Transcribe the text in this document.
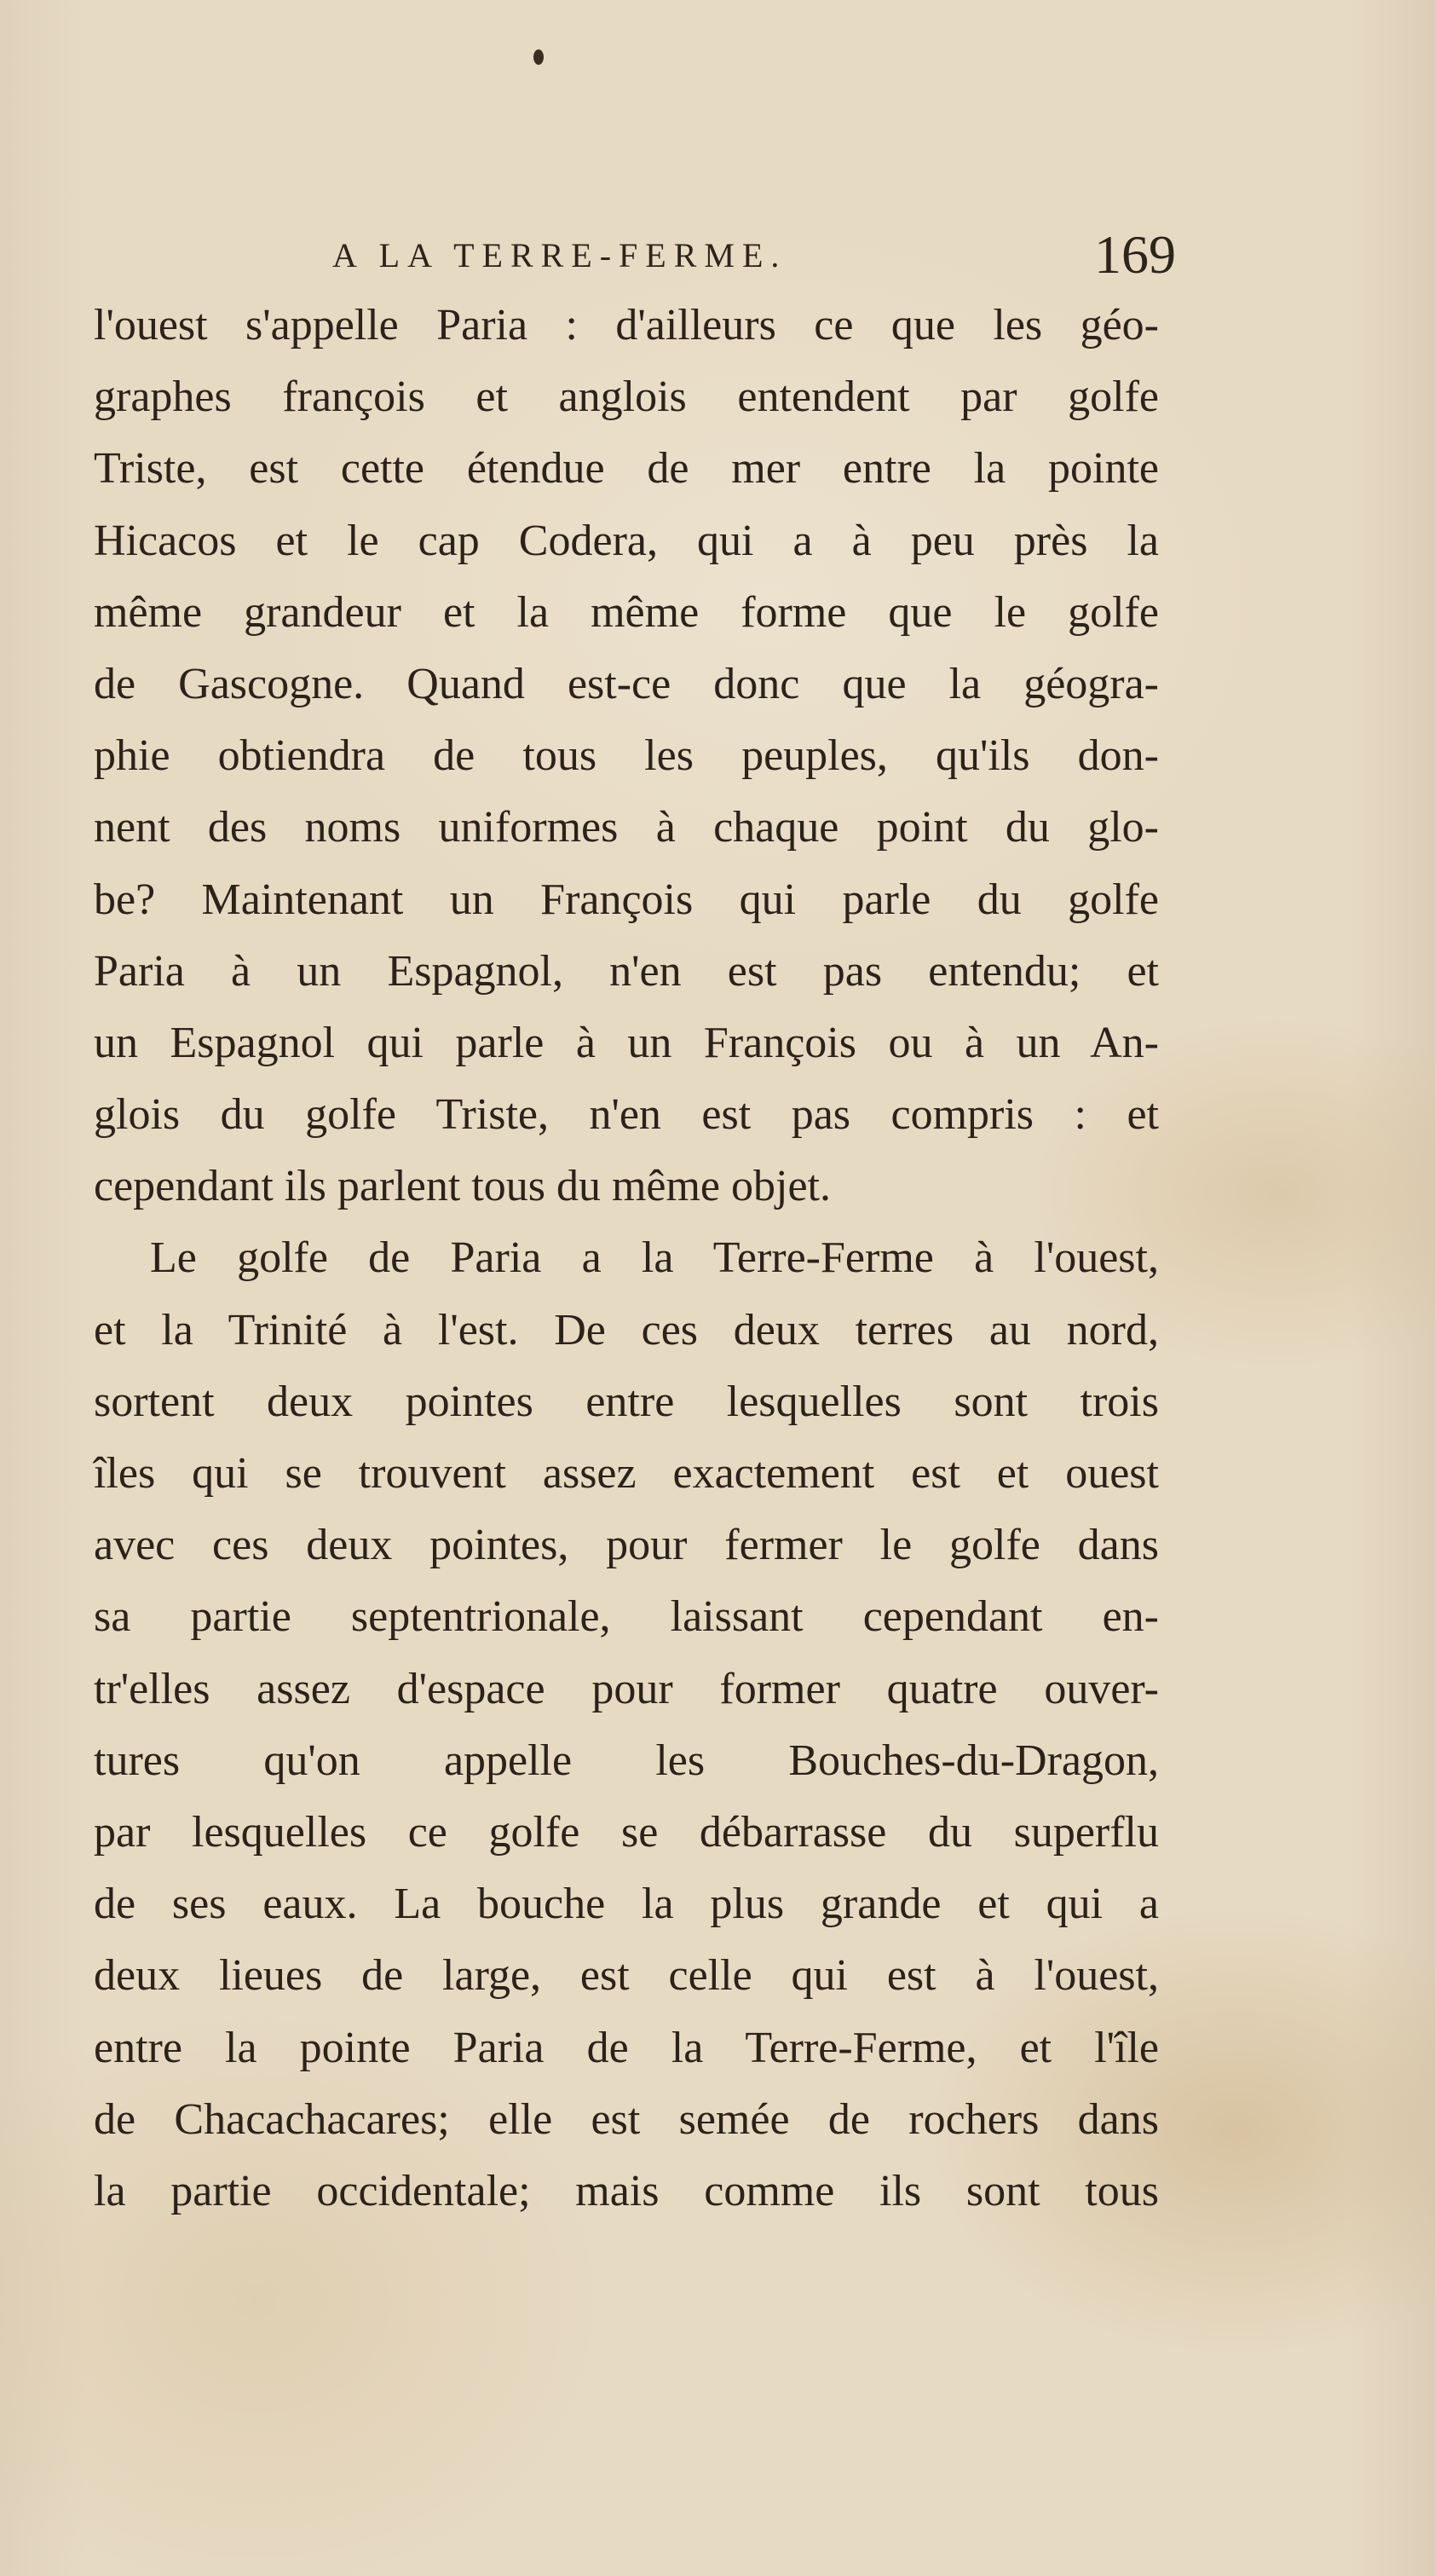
A LA TERRE-FERME.	169
l'ouest s'appelle Paria : d'ailleurs ce que les géo-
graphes françois et anglois entendent par golfe
Triste, est cette étendue de mer entre la pointe
Hicacos et le cap Codera, qui a à peu près la
même grandeur et la même forme que le golfe
de Gascogne. Quand est-ce donc que la géogra-
phie obtiendra de tous les peuples, qu'ils don-
nent des noms uniformes à chaque point du glo-
be? Maintenant un François qui parle du golfe
Paria à un Espagnol, n'en est pas entendu; et
un Espagnol qui parle à un François ou à un An-
glois du golfe Triste, n'en est pas compris : et
cependant ils parlent tous du même objet.
Le golfe de Paria a la Terre-Ferme à l'ouest,
et la Trinité à l'est. De ces deux terres au nord,
sortent deux pointes entre lesquelles sont trois
îles qui se trouvent assez exactement est et ouest
avec ces deux pointes, pour fermer le golfe dans
sa partie septentrionale, laissant cependant en-
tr'elles assez d'espace pour former quatre ouver-
tures qu'on appelle les Bouches-du-Dragon,
par lesquelles ce golfe se débarrasse du superflu
de ses eaux. La bouche la plus grande et qui a
deux lieues de large, est celle qui est à l'ouest,
entre la pointe Paria de la Terre-Ferme, et l'île
de Chacachacares; elle est semée de rochers dans
la partie occidentale; mais comme ils sont tous
